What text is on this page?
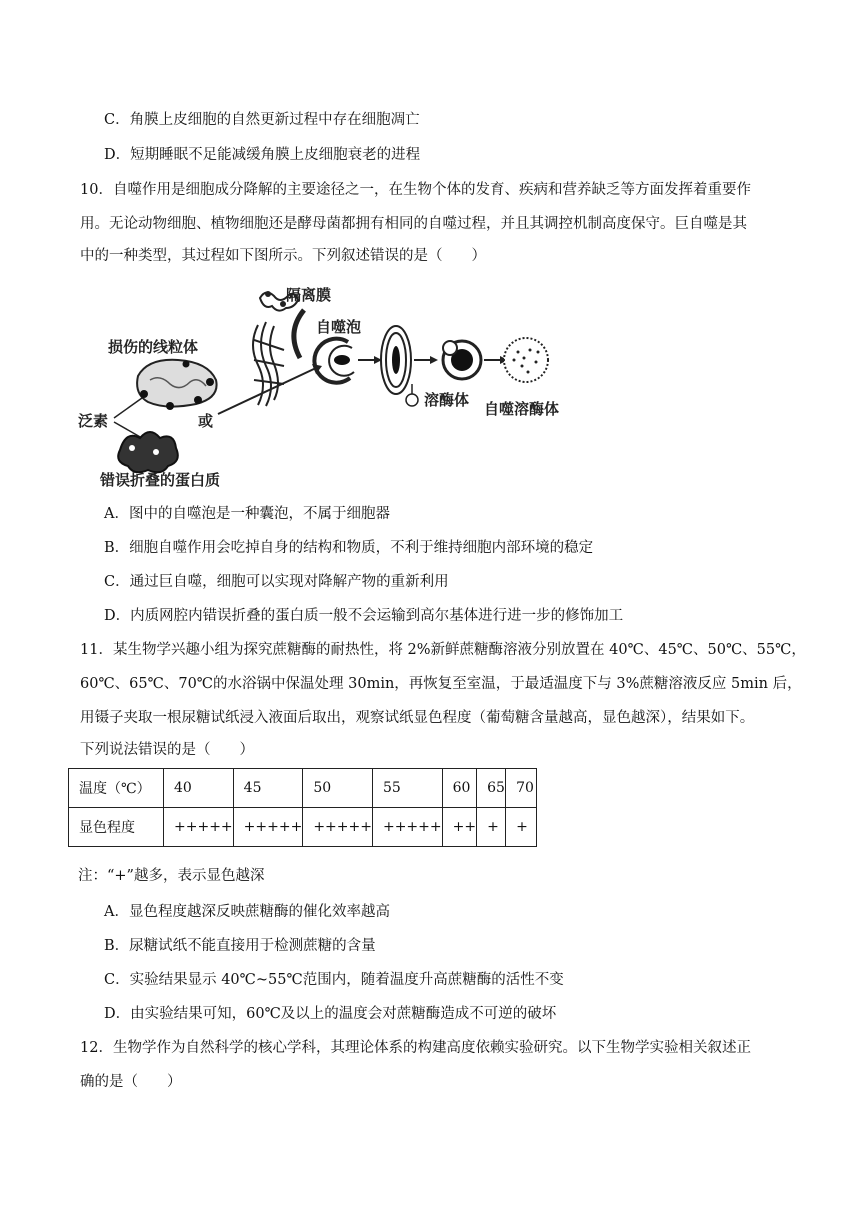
C．角膜上皮细胞的自然更新过程中存在细胞凋亡
D．短期睡眠不足能减缓角膜上皮细胞衰老的进程
10．自噬作用是细胞成分降解的主要途径之一，在生物个体的发育、疾病和营养缺乏等方面发挥着重要作
用。无论动物细胞、植物细胞还是酵母菌都拥有相同的自噬过程，并且其调控机制高度保守。巨自噬是其
中的一种类型，其过程如下图所示。下列叙述错误的是（　　）
隔离膜
自噬泡
溶酶体 自噬溶酶体
损伤的线粒体
泛素	或
错误折叠的蛋白质
A．图中的自噬泡是一种囊泡，不属于细胞器
B．细胞自噬作用会吃掉自身的结构和物质，不利于维持细胞内部环境的稳定
C．通过巨自噬，细胞可以实现对降解产物的重新利用
D．内质网腔内错误折叠的蛋白质一般不会运输到高尔基体进行进一步的修饰加工
11．某生物学兴趣小组为探究蔗糖酶的耐热性，将 2%新鲜蔗糖酶溶液分别放置在 40℃、45℃、50℃、55℃，
60℃、65℃、70℃的水浴锅中保温处理 30min，再恢复至室温，于最适温度下与 3%蔗糖溶液反应 5min 后，
用镊子夹取一根尿糖试纸浸入液面后取出，观察试纸显色程度（葡萄糖含量越高，显色越深），结果如下。
下列说法错误的是（　　）
温度（℃）	40	45	50	55	60	65	70
显色程度	+++++	+++++	+++++	+++++	++	+	+
注：“+”越多，表示显色越深
A．显色程度越深反映蔗糖酶的催化效率越高
B．尿糖试纸不能直接用于检测蔗糖的含量
C．实验结果显示 40℃~55℃范围内，随着温度升高蔗糖酶的活性不变
D．由实验结果可知，60℃及以上的温度会对蔗糖酶造成不可逆的破坏
12．生物学作为自然科学的核心学科，其理论体系的构建高度依赖实验研究。以下生物学实验相关叙述正
确的是（　　）
